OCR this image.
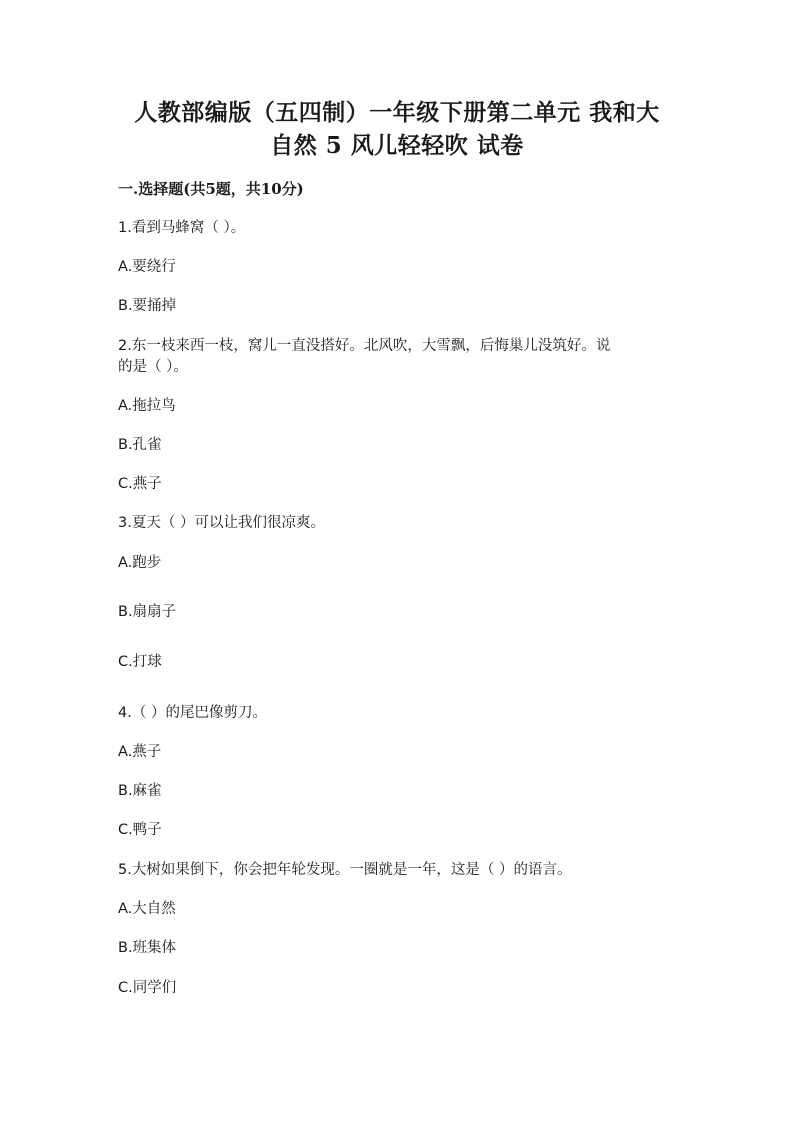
人教部编版（五四制）一年级下册第二单元 我和大
自然 5 风儿轻轻吹 试卷
一.选择题(共5题，共10分)
1.看到马蜂窝（ ）。
A.要绕行
B.要捅掉
2.东一枝来西一枝，窝儿一直没搭好。北风吹，大雪飘，后悔巢儿没筑好。说
的是（ ）。
A.拖拉鸟
B.孔雀
C.燕子
3.夏天（ ）可以让我们很凉爽。
A.跑步
B.扇扇子
C.打球
4.（ ）的尾巴像剪刀。
A.燕子
B.麻雀
C.鸭子
5.大树如果倒下，你会把年轮发现。一圈就是一年，这是（ ）的语言。
A.大自然
B.班集体
C.同学们
